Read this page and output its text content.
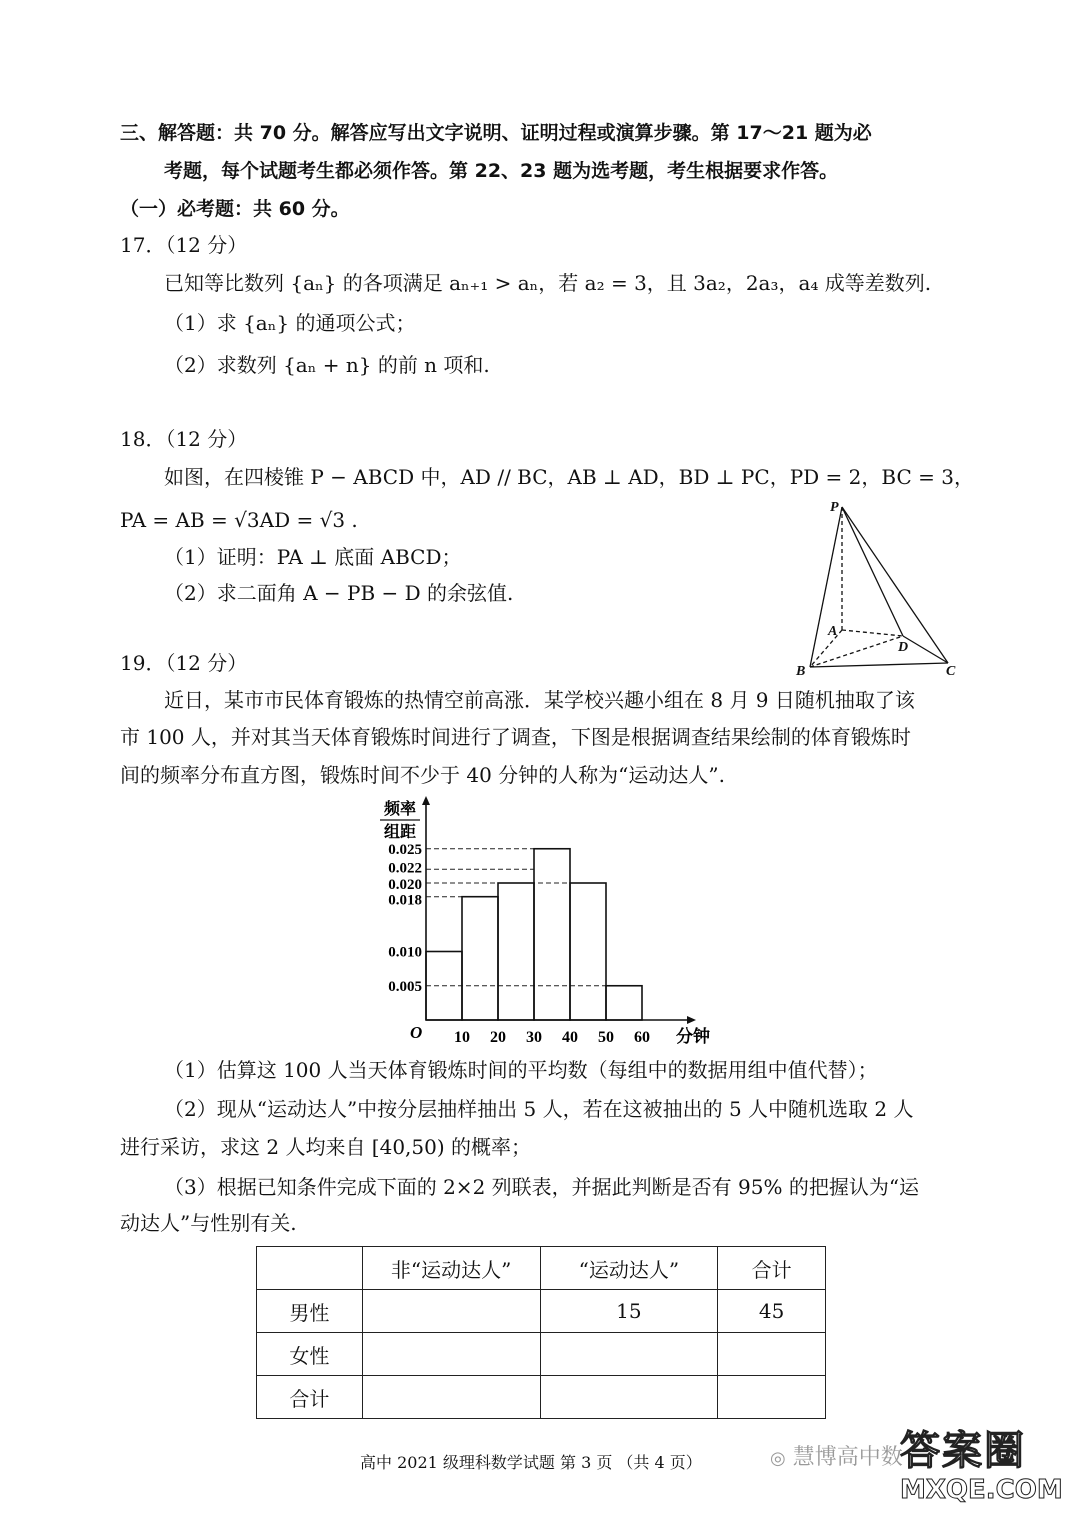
三、解答题：共 70 分。解答应写出文字说明、证明过程或演算步骤。第 17～21 题为必
考题，每个试题考生都必须作答。第 22、23 题为选考题，考生根据要求作答。
（一）必考题：共 60 分。
17．（12 分）
已知等比数列 {aₙ} 的各项满足 aₙ₊₁ > aₙ，若 a₂ = 3，且 3a₂，2a₃，a₄ 成等差数列.
（1）求 {aₙ} 的通项公式；
（2）求数列 {aₙ + n} 的前 n 项和.
18．（12 分）
如图，在四棱锥 P − ABCD 中，AD // BC，AB ⊥ AD，BD ⊥ PC，PD = 2，BC = 3，
PA = AB = √3AD = √3 .
（1）证明：PA ⊥ 底面 ABCD；
（2）求二面角 A − PB − D 的余弦值.
P
A
D
B	C
19．（12 分）
近日，某市市民体育锻炼的热情空前高涨．某学校兴趣小组在 8 月 9 日随机抽取了该
市 100 人，并对其当天体育锻炼时间进行了调查，下图是根据调查结果绘制的体育锻炼时
间的频率分布直方图，锻炼时间不少于 40 分钟的人称为“运动达人”.
0.005
0.010
0.018
0.020
0.022
0.025
10 20 30 40 50 60
O	分钟
频率
组距
（1）估算这 100 人当天体育锻炼时间的平均数（每组中的数据用组中值代替）；
（2）现从“运动达人”中按分层抽样抽出 5 人，若在这被抽出的 5 人中随机选取 2 人
进行采访，求这 2 人均来自 [40,50) 的概率；
（3）根据已知条件完成下面的 2×2 列联表，并据此判断是否有 95% 的把握认为“运
动达人”与性别有关.
	非“运动达人”	“运动达人”	合计
男性		15	45
女性			
合计			
高中 2021 级理科数学试题 第 3 页 （共 4 页）	◎ 慧博高中数
答案圈
MXQE.COM
